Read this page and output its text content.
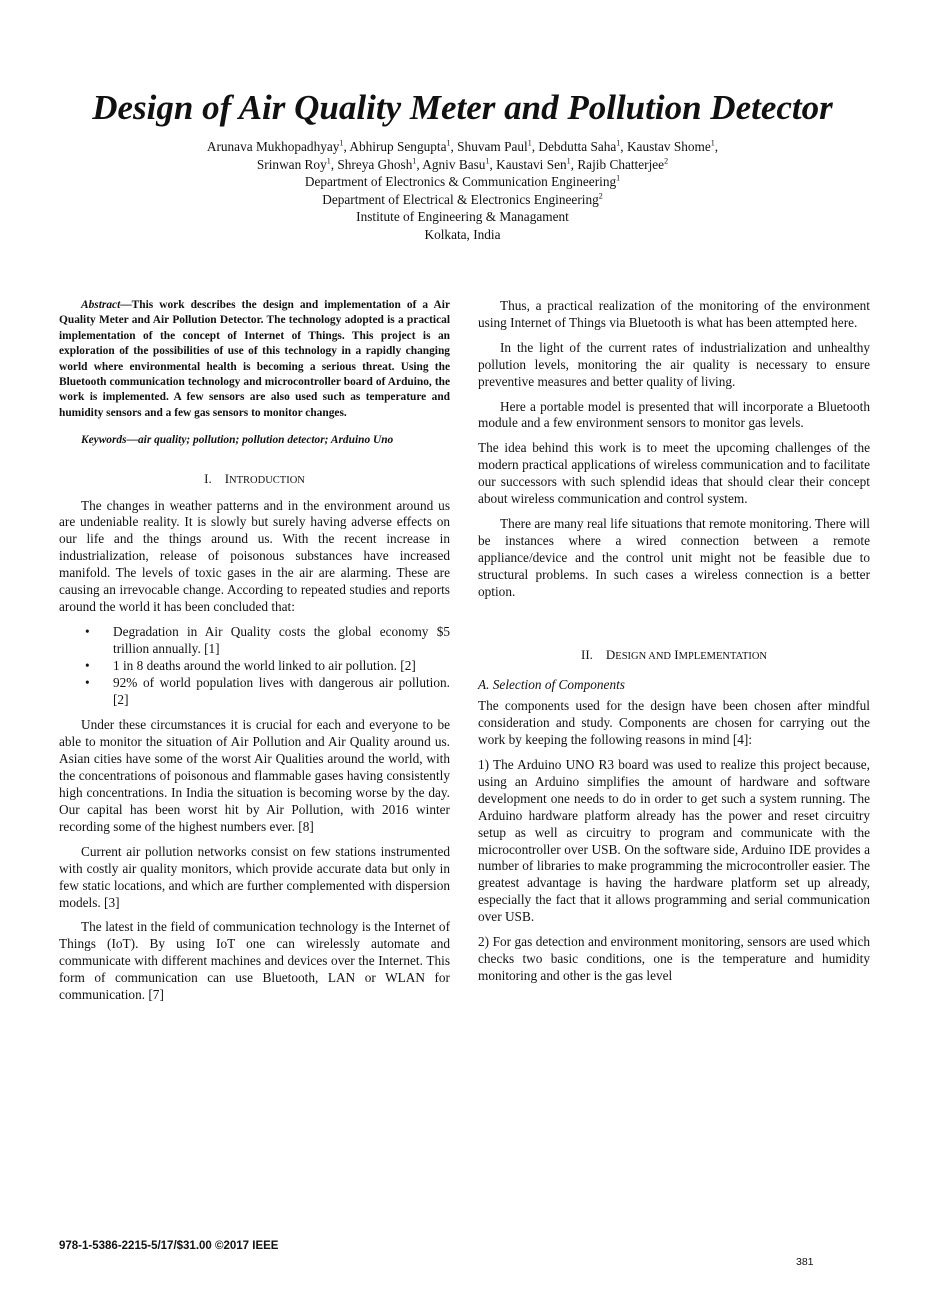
Design of Air Quality Meter and Pollution Detector
Arunava Mukhopadhyay$^1$, Abhirup Sengupta$^1$, Shuvam Paul$^1$, Debdutta Saha$^1$, Kaustav Shome$^1$,
Srinwan Roy$^1$, Shreya Ghosh$^1$, Agniv Basu$^1$, Kaustavi Sen$^1$, Rajib Chatterjee$^2$
Department of Electronics & Communication Engineering$^1$
Department of Electrical & Electronics Engineering$^2$
Institute of Engineering & Managament
Kolkata, India

Abstract—This work describes the design and implementation of a Air Quality Meter and Air Pollution Detector. The technology adopted is a practical implementation of the concept of Internet of Things. This project is an exploration of the possibilities of use of this technology in a rapidly changing world where environmental health is becoming a serious threat. Using the Bluetooth communication technology and microcontroller board of Arduino, the work is implemented. A few sensors are also used such as temperature and humidity sensors and a few gas sensors to monitor changes.

Keywords—air quality; pollution; pollution detector; Arduino Uno

I. INTRODUCTION

The changes in weather patterns and in the environment around us are undeniable reality. It is slowly but surely having adverse effects on our life and the things around us. With the recent increase in industrialization, release of poisonous substances have increased manifold. The levels of toxic gases in the air are alarming. These are causing an irrevocable change. According to repeated studies and reports around the world it has been concluded that:

• Degradation in Air Quality costs the global economy $5 trillion annually. [1]
• 1 in 8 deaths around the world linked to air pollution. [2]
• 92% of world population lives with dangerous air pollution. [2]

Under these circumstances it is crucial for each and everyone to be able to monitor the situation of Air Pollution and Air Quality around us. Asian cities have some of the worst Air Qualities around the world, with the concentrations of poisonous and flammable gases having consistently high concentrations. In India the situation is becoming worse by the day. Our capital has been worst hit by Air Pollution, with 2016 winter recording some of the highest numbers ever. [8]

Current air pollution networks consist on few stations instrumented with costly air quality monitors, which provide accurate data but only in few static locations, and which are further complemented with dispersion models. [3]

The latest in the field of communication technology is the Internet of Things (IoT). By using IoT one can wirelessly automate and communicate with different machines and devices over the Internet. This form of communication can use Bluetooth, LAN or WLAN for communication. [7]

Thus, a practical realization of the monitoring of the environment using Internet of Things via Bluetooth is what has been attempted here.

In the light of the current rates of industrialization and unhealthy pollution levels, monitoring the air quality is necessary to ensure preventive measures and better quality of living.

Here a portable model is presented that will incorporate a Bluetooth module and a few environment sensors to monitor gas levels.

The idea behind this work is to meet the upcoming challenges of the modern practical applications of wireless communication and to facilitate our successors with such splendid ideas that should clear their concept about wireless communication and control system.

There are many real life situations that remote monitoring. There will be instances where a wired connection between a remote appliance/device and the control unit might not be feasible due to structural problems. In such cases a wireless connection is a better option.

II. DESIGN AND IMPLEMENTATION
A. Selection of Components

The components used for the design have been chosen after mindful consideration and study. Components are chosen for carrying out the work by keeping the following reasons in mind [4]:

1) The Arduino UNO R3 board was used to realize this project because, using an Arduino simplifies the amount of hardware and software development one needs to do in order to get such a system running. The Arduino hardware platform already has the power and reset circuitry setup as well as circuitry to program and communicate with the microcontroller over USB. On the software side, Arduino IDE provides a number of libraries to make programming the microcontroller easier. The greatest advantage is having the hardware platform set up already, especially the fact that it allows programming and serial communication over USB.

2) For gas detection and environment monitoring, sensors are used which checks two basic conditions, one is the temperature and humidity monitoring and other is the gas level

978-1-5386-2215-5/17/$31.00 ©2017 IEEE
381
